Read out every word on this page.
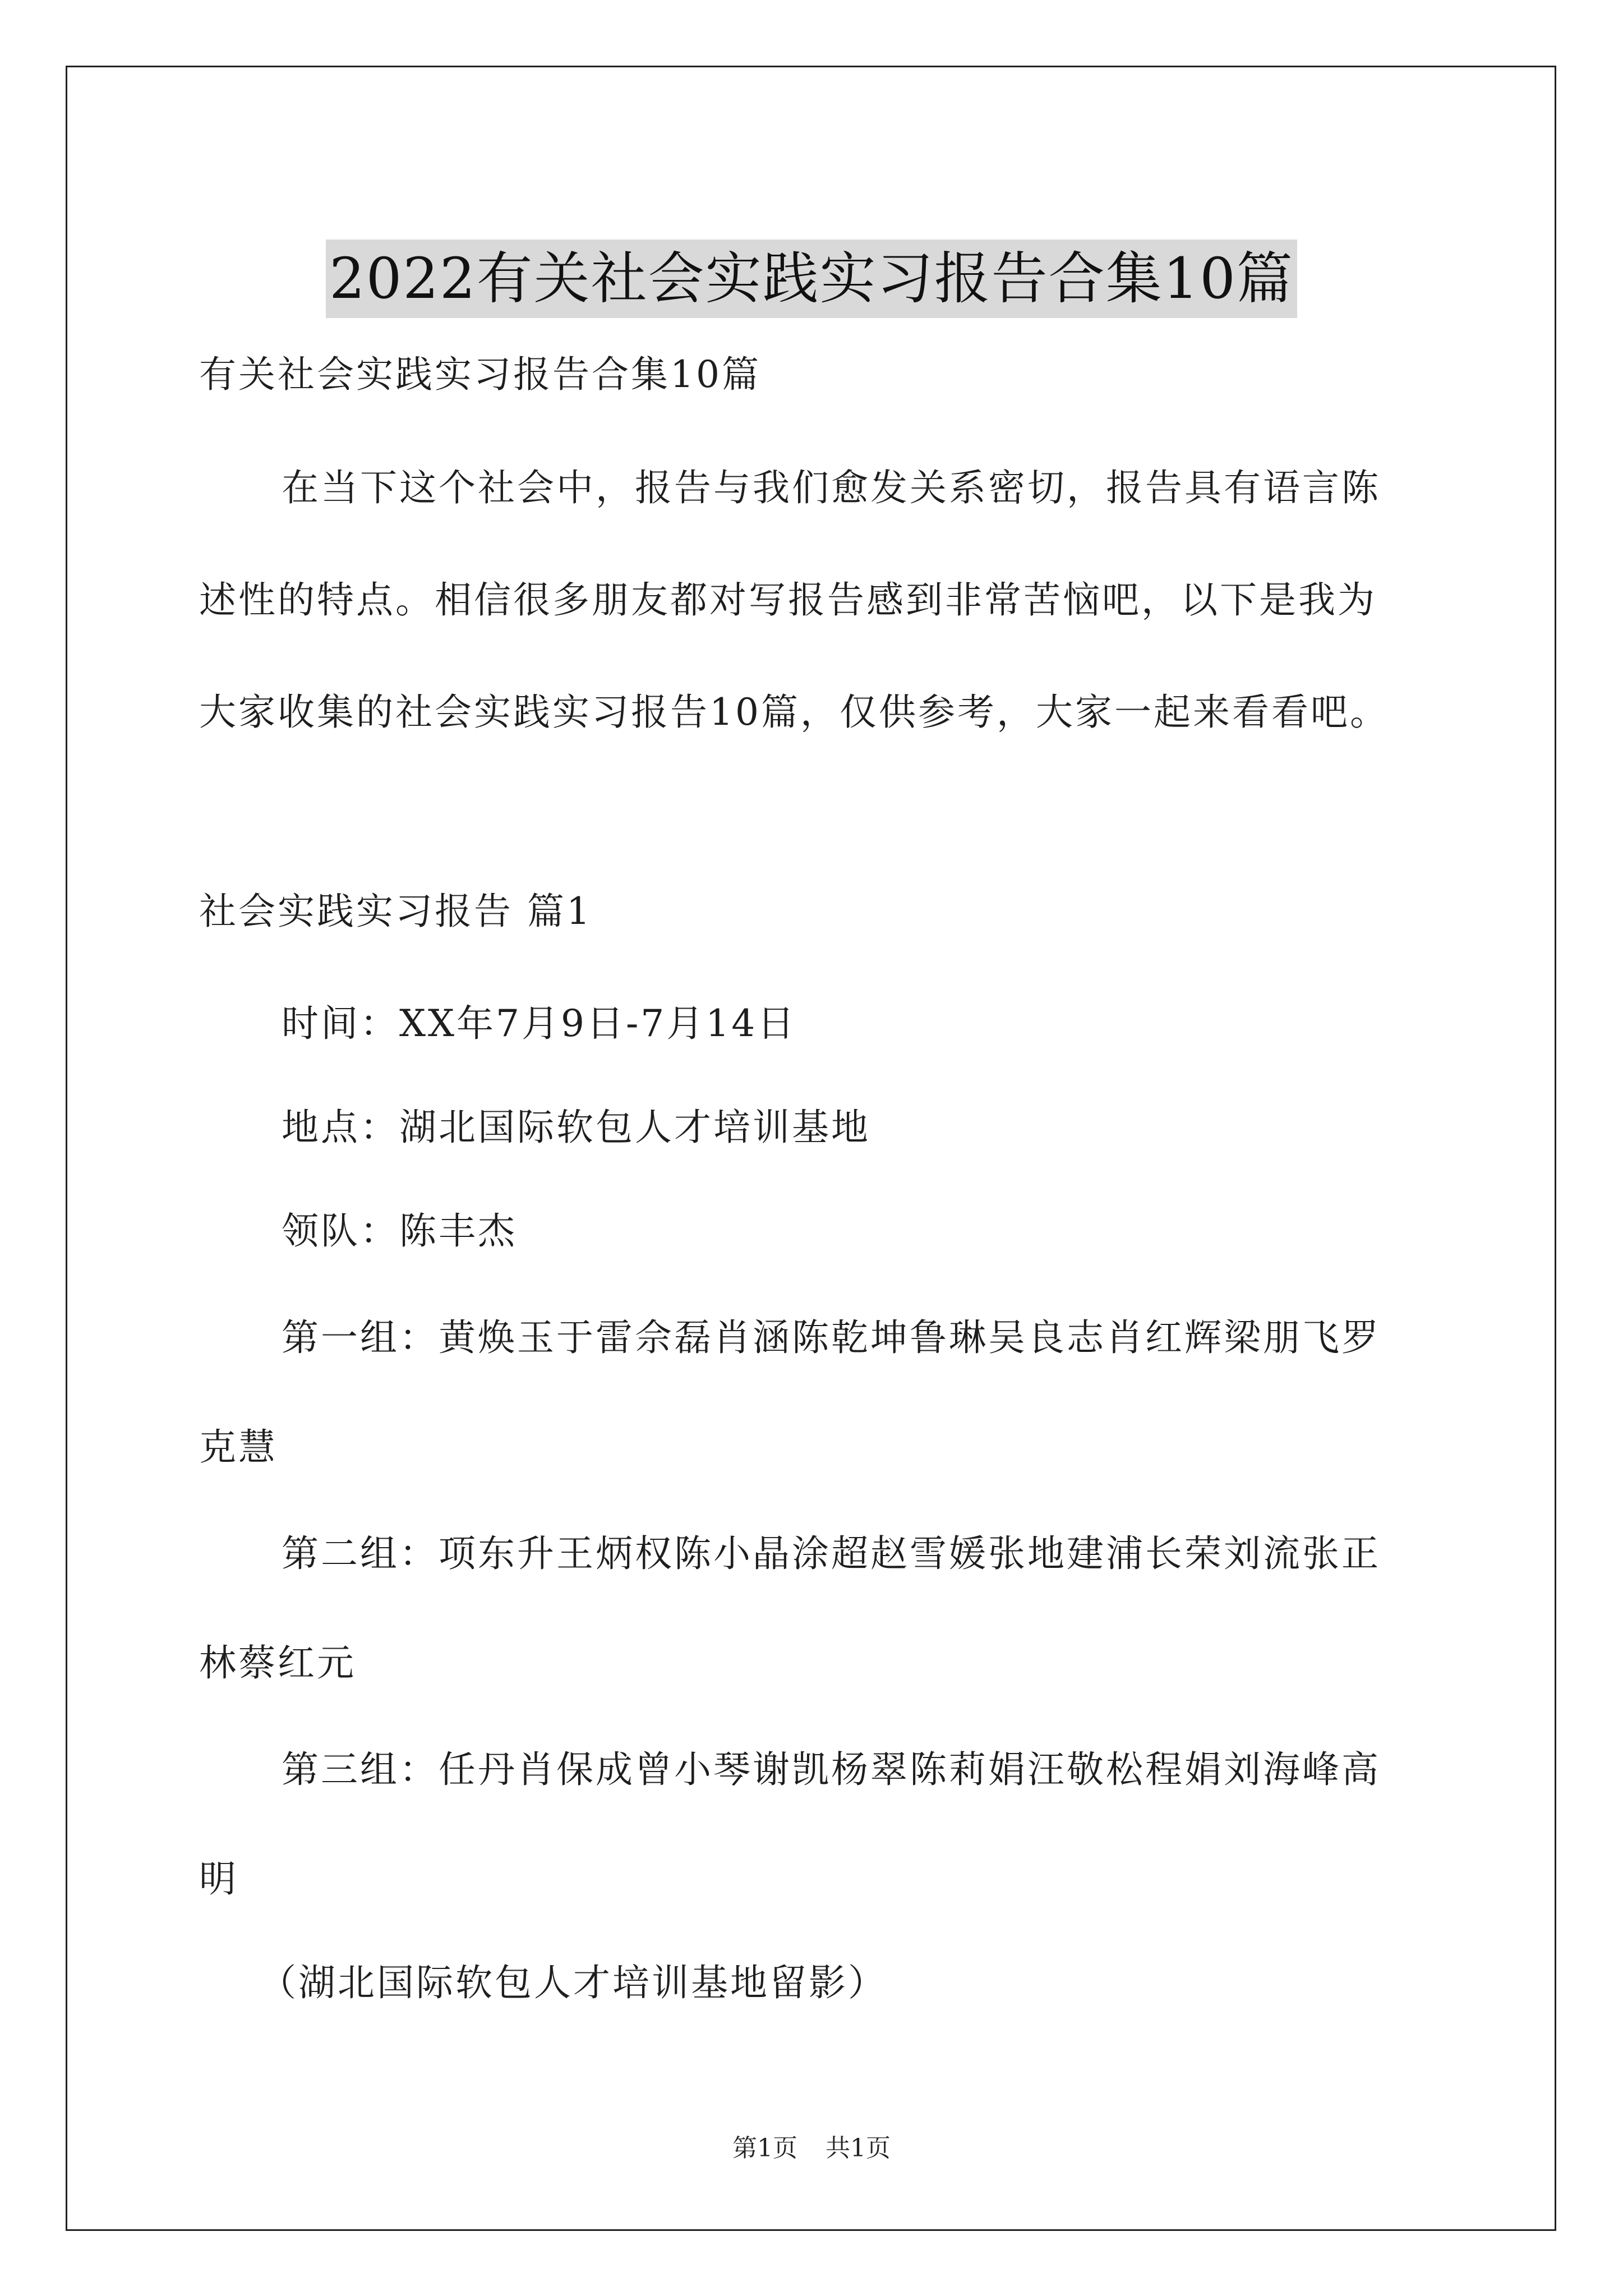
2022有关社会实践实习报告合集10篇
有关社会实践实习报告合集10篇
在当下这个社会中，报告与我们愈发关系密切，报告具有语言陈
述性的特点。相信很多朋友都对写报告感到非常苦恼吧，以下是我为
大家收集的社会实践实习报告10篇，仅供参考，大家一起来看看吧。
社会实践实习报告 篇1
时间：XX年7月9日-7月14日
地点：湖北国际软包人才培训基地
领队：陈丰杰
第一组：黄焕玉于雷佘磊肖涵陈乾坤鲁琳吴良志肖红辉梁朋飞罗
克慧
第二组：项东升王炳权陈小晶涂超赵雪媛张地建浦长荣刘流张正
林蔡红元
第三组：任丹肖保成曾小琴谢凯杨翠陈莉娟汪敬松程娟刘海峰高
明
（湖北国际软包人才培训基地留影）
第1页 共1页
